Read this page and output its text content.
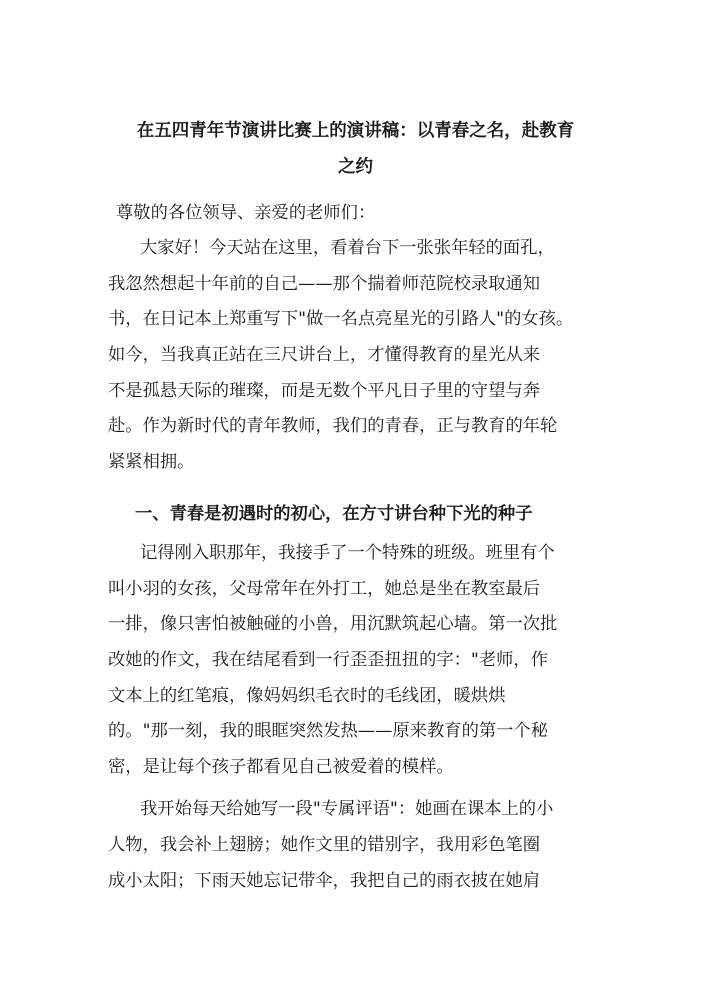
在五四青年节演讲比赛上的演讲稿：以青春之名，赴教育
之约

尊敬的各位领导、亲爱的老师们：

大家好！今天站在这里，看着台下一张张年轻的面孔，

我忽然想起十年前的自己——那个揣着师范院校录取通知

书，在日记本上郑重写下"做一名点亮星光的引路人"的女孩。

如今，当我真正站在三尺讲台上，才懂得教育的星光从来

不是孤悬天际的璀璨，而是无数个平凡日子里的守望与奔

赴。作为新时代的青年教师，我们的青春，正与教育的年轮

紧紧相拥。

一、青春是初遇时的初心，在方寸讲台种下光的种子

记得刚入职那年，我接手了一个特殊的班级。班里有个

叫小羽的女孩，父母常年在外打工，她总是坐在教室最后

一排，像只害怕被触碰的小兽，用沉默筑起心墙。第一次批

改她的作文，我在结尾看到一行歪歪扭扭的字："老师，作

文本上的红笔痕，像妈妈织毛衣时的毛线团，暖烘烘

的。"那一刻，我的眼眶突然发热——原来教育的第一个秘

密，是让每个孩子都看见自己被爱着的模样。

我开始每天给她写一段"专属评语"：她画在课本上的小

人物，我会补上翅膀；她作文里的错别字，我用彩色笔圈

成小太阳；下雨天她忘记带伞，我把自己的雨衣披在她肩
